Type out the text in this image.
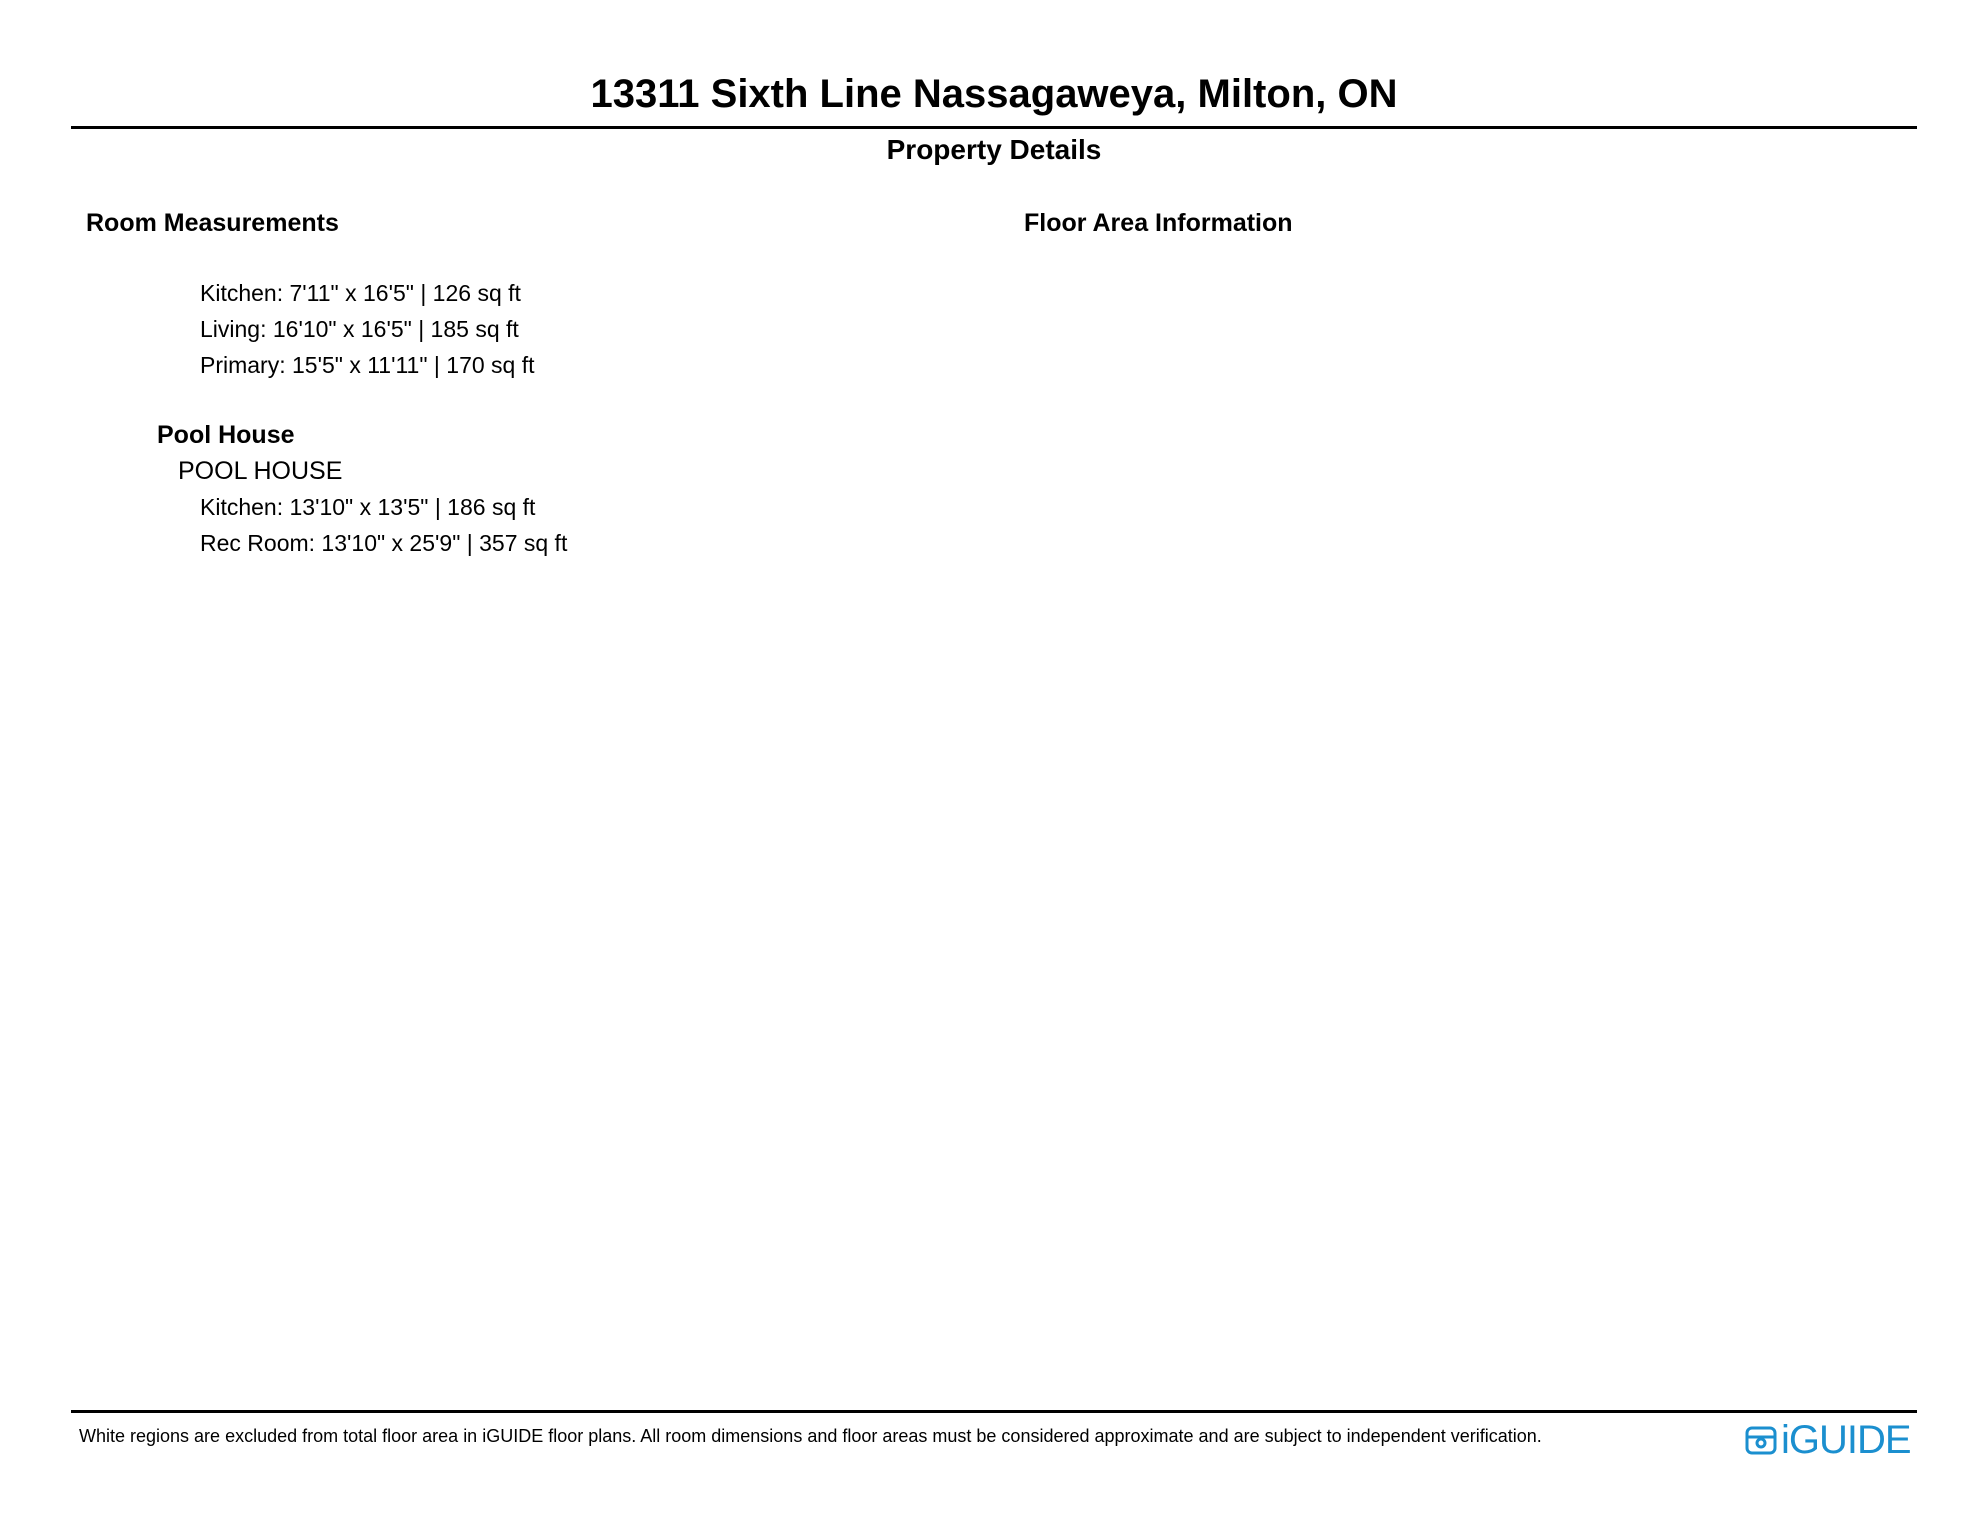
13311 Sixth Line Nassagaweya, Milton, ON
Property Details
Room Measurements
Kitchen: 7'11" x 16'5" | 126 sq ft
Living: 16'10" x 16'5" | 185 sq ft
Primary: 15'5" x 11'11" | 170 sq ft
Pool House
POOL HOUSE
Kitchen: 13'10" x 13'5" | 186 sq ft
Rec Room: 13'10" x 25'9" | 357 sq ft
Floor Area Information
White regions are excluded from total floor area in iGUIDE floor plans. All room dimensions and floor areas must be considered approximate and are subject to independent verification.	iGUIDE
